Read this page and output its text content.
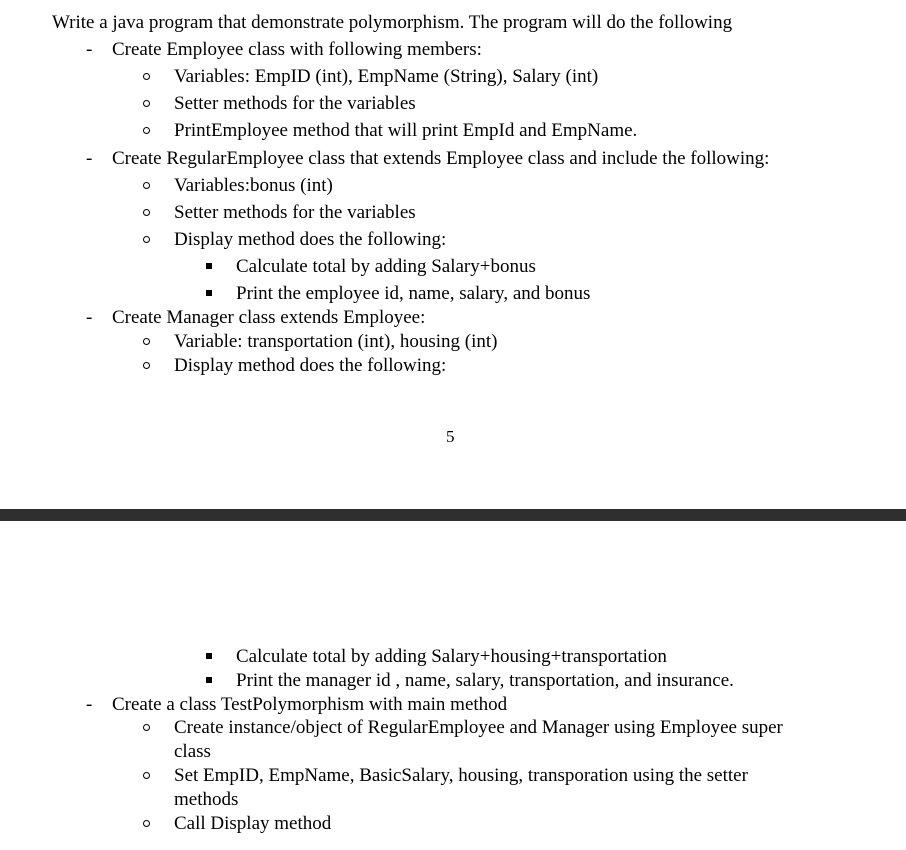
Write a java program that demonstrate polymorphism. The program will do the following
- Create Employee class with following members:
Variables: EmpID (int), EmpName (String), Salary (int)
Setter methods for the variables
PrintEmployee method that will print EmpId and EmpName.
- Create RegularEmployee class that extends Employee class and include the following:
Variables:bonus (int)
Setter methods for the variables
Display method does the following:
Calculate total by adding Salary+bonus
Print the employee id, name, salary, and bonus
- Create Manager class extends Employee:
Variable: transportation (int), housing (int)
Display method does the following:
5
Calculate total by adding Salary+housing+transportation
Print the manager id , name, salary, transportation, and insurance.
- Create a class TestPolymorphism with main method
Create instance/object of RegularEmployee and Manager using Employee super
class
Set EmpID, EmpName, BasicSalary, housing, transporation using the setter
methods
Call Display method
